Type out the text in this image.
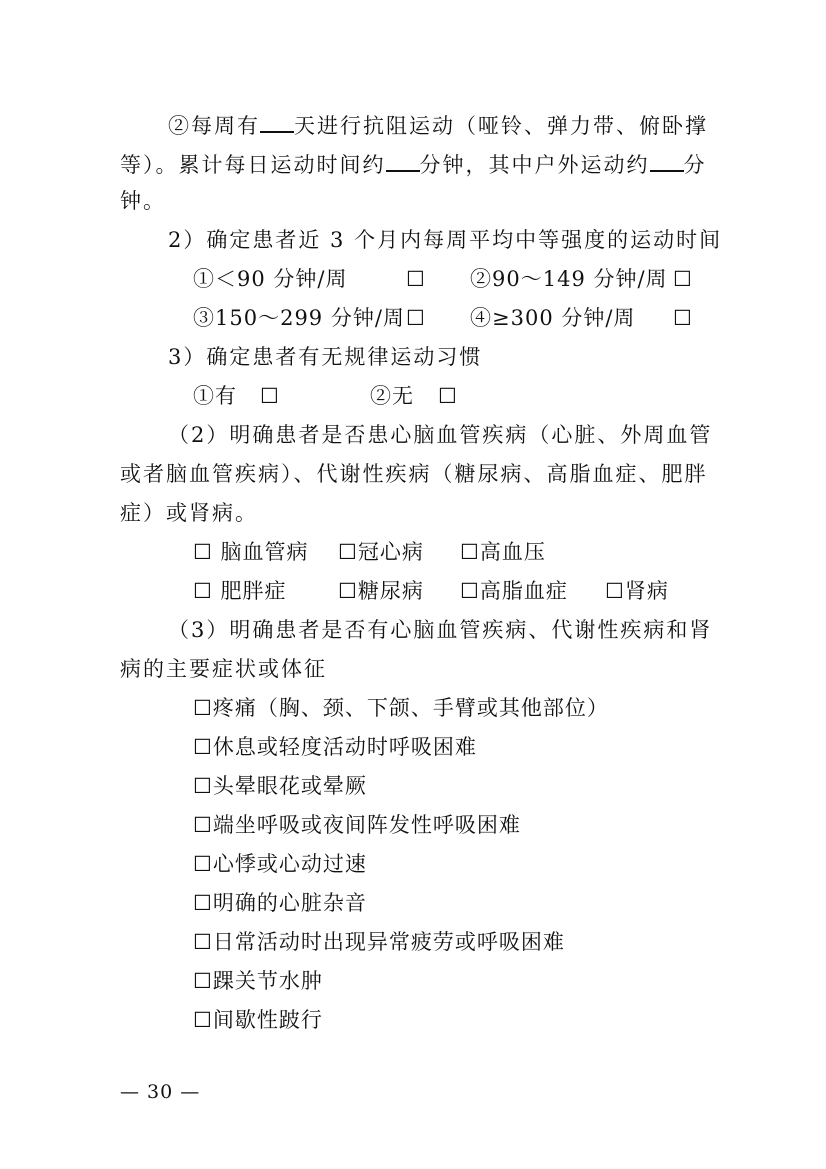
②每周有 天进行抗阻运动（哑铃、弹力带、俯卧撑
等）。累计每日运动时间约 分钟，其中户外运动约 分
钟。
2）确定患者近 3 个月内每周平均中等强度的运动时间
①＜90 分钟/周	☐ ②90～149 分钟/周 ☐
③150～299 分钟/周 ☐ ④≥300 分钟/周 ☐
3）确定患者有无规律运动习惯
①有 ☐	②无 ☐
（2）明确患者是否患心脑血管疾病（心脏、外周血管
或者脑血管疾病）、代谢性疾病（糖尿病、高脂血症、肥胖
症）或肾病。
☐ 脑血管病 ☐冠心病 ☐高血压
☐ 肥胖症 ☐糖尿病 ☐高脂血症 ☐肾病
（3）明确患者是否有心脑血管疾病、代谢性疾病和肾
病的主要症状或体征
☐疼痛（胸、颈、下颌、手臂或其他部位）
☐休息或轻度活动时呼吸困难
☐头晕眼花或晕厥
☐端坐呼吸或夜间阵发性呼吸困难
☐心悸或心动过速
☐明确的心脏杂音
☐日常活动时出现异常疲劳或呼吸困难
☐踝关节水肿
☐间歇性跛行
— 30 —
